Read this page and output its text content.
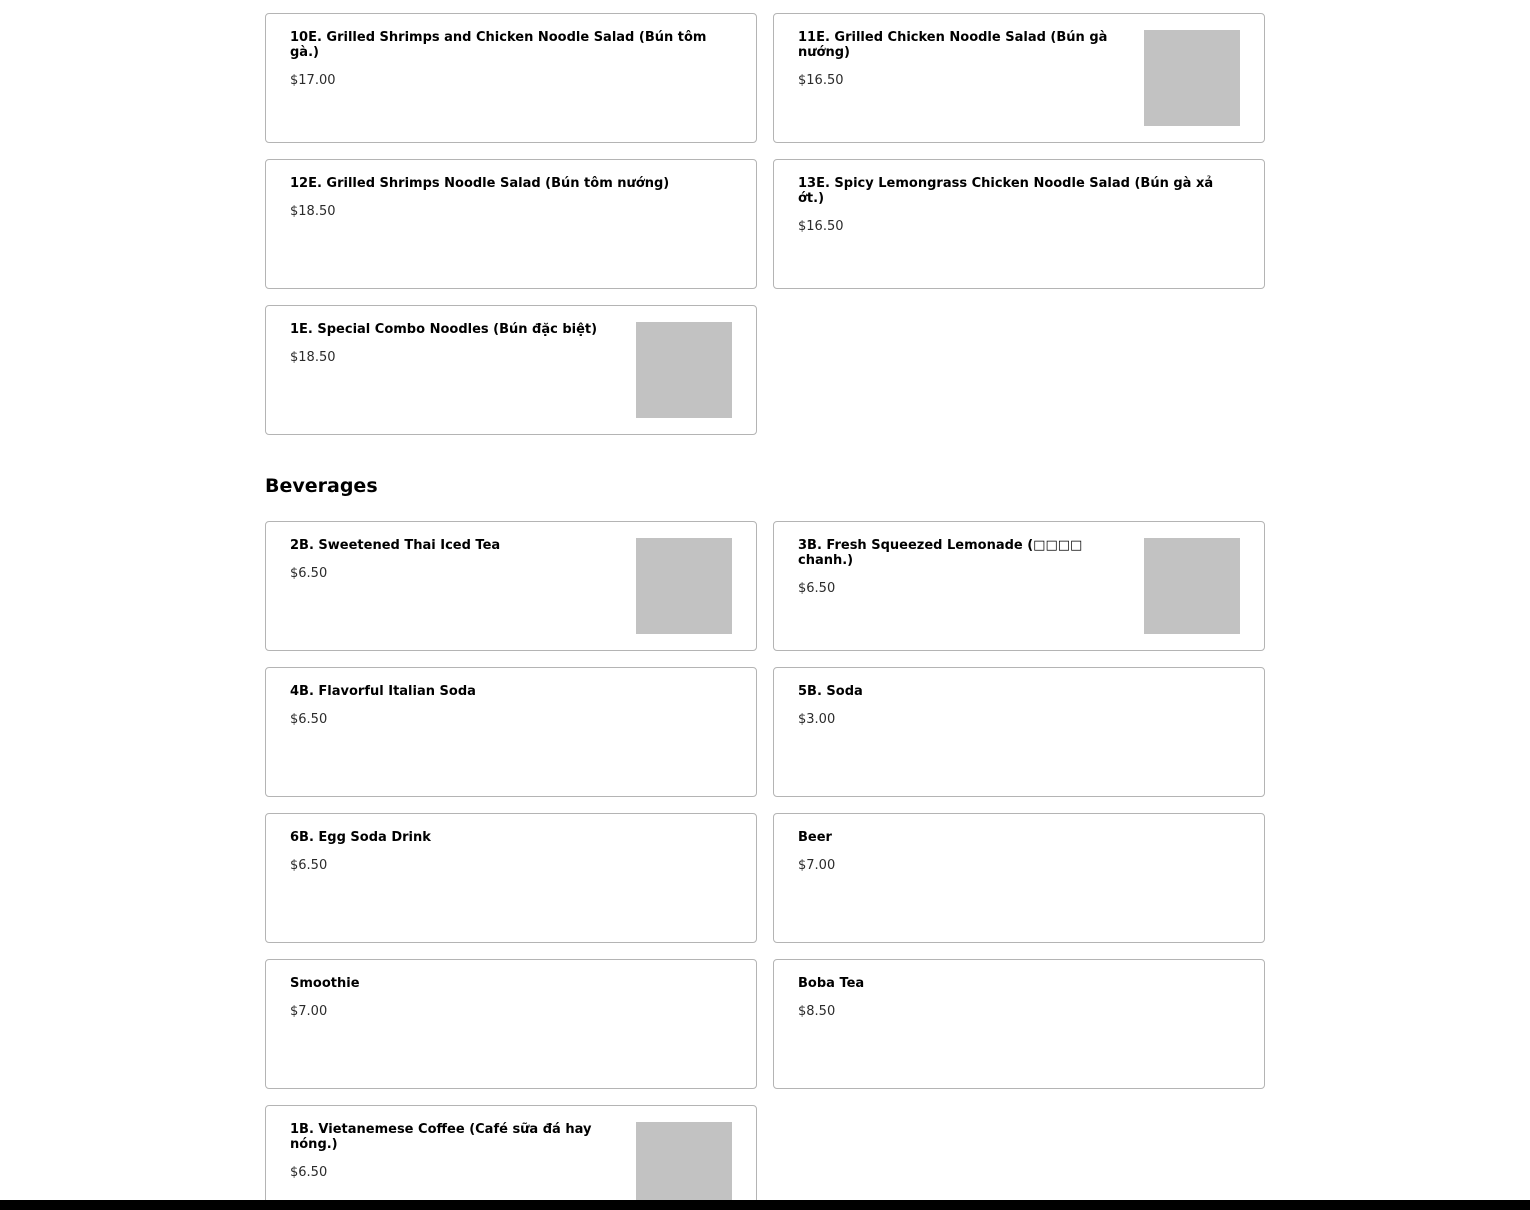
10E. Grilled Shrimps and Chicken Noodle Salad (Bún tôm gà.)
$17.00
11E. Grilled Chicken Noodle Salad (Bún gà nướng)
$16.50
12E. Grilled Shrimps Noodle Salad (Bún tôm nướng)
$18.50
13E. Spicy Lemongrass Chicken Noodle Salad (Bún gà xả ớt.)
$16.50
1E. Special Combo Noodles (Bún đặc biệt)
$18.50
Beverages
2B. Sweetened Thai Iced Tea
$6.50
3B. Fresh Squeezed Lemonade (□□□□ chanh.)
$6.50
4B. Flavorful Italian Soda
$6.50
5B. Soda
$3.00
6B. Egg Soda Drink
$6.50
Beer
$7.00
Smoothie
$7.00
Boba Tea
$8.50
1B. Vietanemese Coffee (Café sữa đá hay nóng.)
$6.50
